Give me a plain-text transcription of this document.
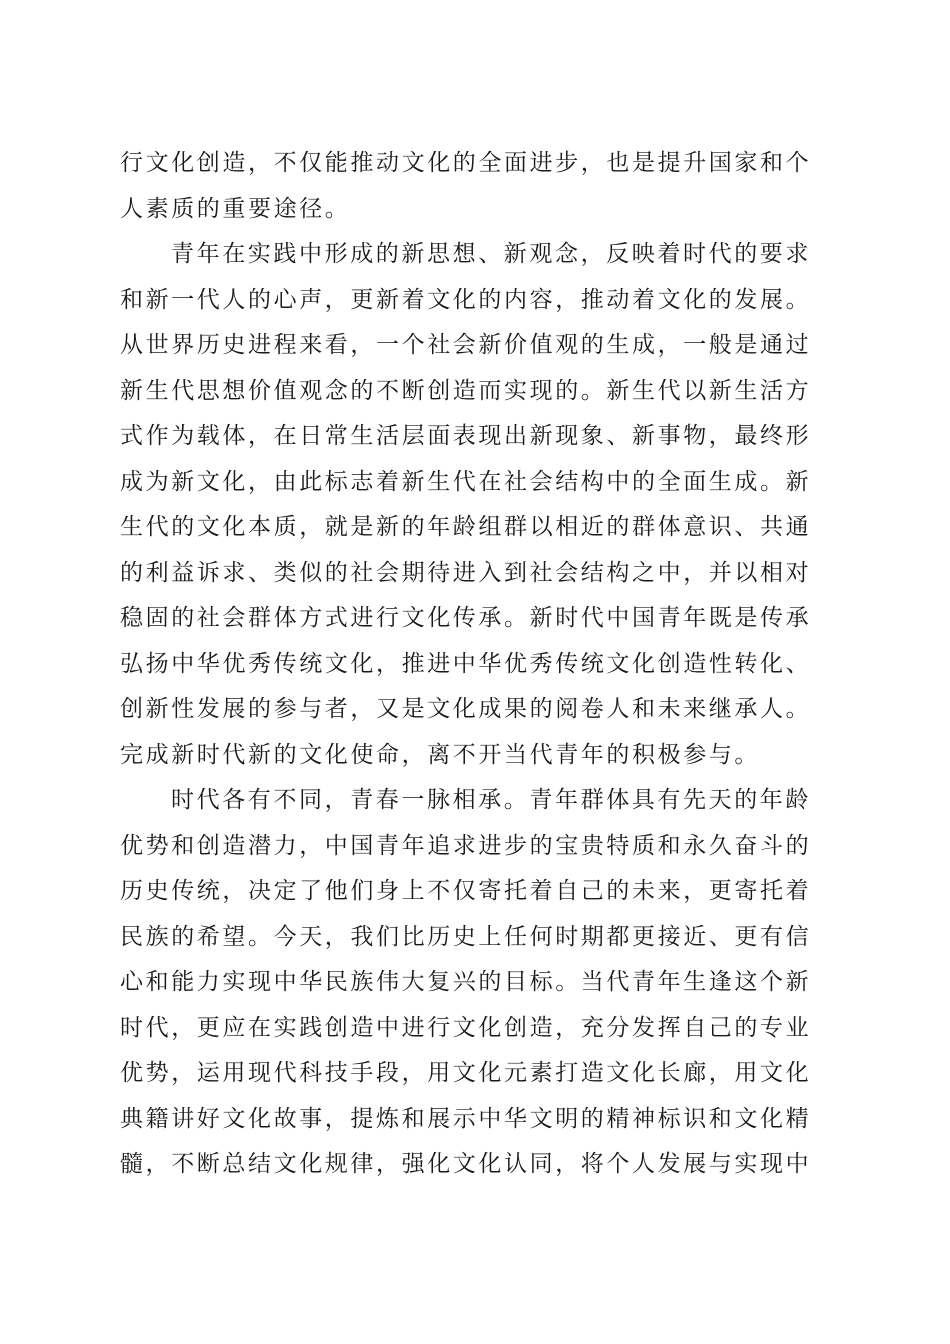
行文化创造，不仅能推动文化的全面进步，也是提升国家和个
人素质的重要途径。
青年在实践中形成的新思想、新观念，反映着时代的要求
和新一代人的心声，更新着文化的内容，推动着文化的发展。
从世界历史进程来看，一个社会新价值观的生成，一般是通过
新生代思想价值观念的不断创造而实现的。新生代以新生活方
式作为载体，在日常生活层面表现出新现象、新事物，最终形
成为新文化，由此标志着新生代在社会结构中的全面生成。新
生代的文化本质，就是新的年龄组群以相近的群体意识、共通
的利益诉求、类似的社会期待进入到社会结构之中，并以相对
稳固的社会群体方式进行文化传承。新时代中国青年既是传承
弘扬中华优秀传统文化，推进中华优秀传统文化创造性转化、
创新性发展的参与者，又是文化成果的阅卷人和未来继承人。
完成新时代新的文化使命，离不开当代青年的积极参与。
时代各有不同，青春一脉相承。青年群体具有先天的年龄
优势和创造潜力，中国青年追求进步的宝贵特质和永久奋斗的
历史传统，决定了他们身上不仅寄托着自己的未来，更寄托着
民族的希望。今天，我们比历史上任何时期都更接近、更有信
心和能力实现中华民族伟大复兴的目标。当代青年生逢这个新
时代，更应在实践创造中进行文化创造，充分发挥自己的专业
优势，运用现代科技手段，用文化元素打造文化长廊，用文化
典籍讲好文化故事，提炼和展示中华文明的精神标识和文化精
髓，不断总结文化规律，强化文化认同，将个人发展与实现中
